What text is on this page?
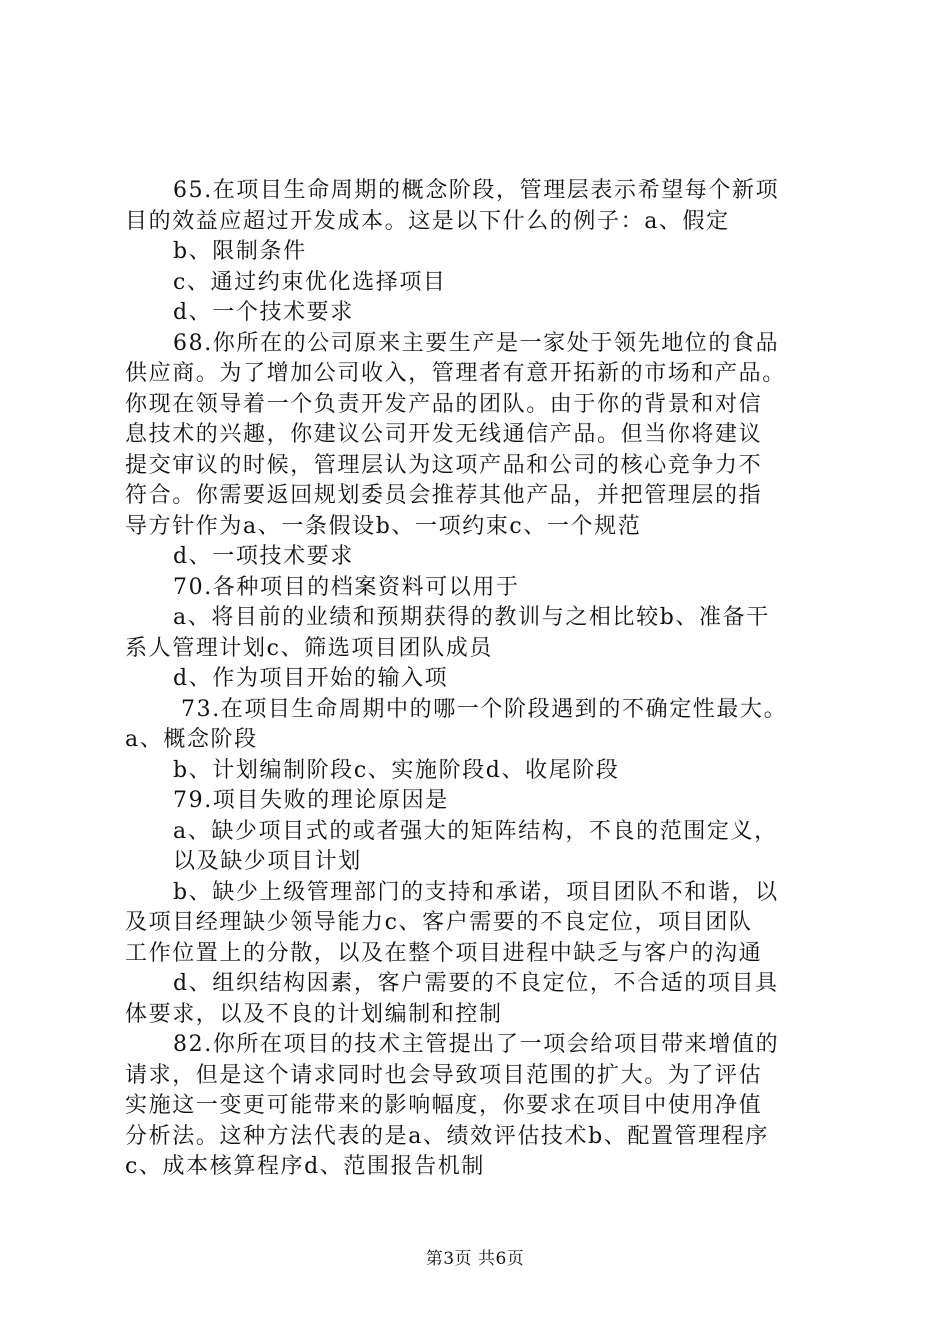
65.在项目生命周期的概念阶段，管理层表示希望每个新项
目的效益应超过开发成本。这是以下什么的例子：a、假定
b、限制条件
c、通过约束优化选择项目
d、一个技术要求
68.你所在的公司原来主要生产是一家处于领先地位的食品
供应商。为了增加公司收入，管理者有意开拓新的市场和产品。
你现在领导着一个负责开发产品的团队。由于你的背景和对信
息技术的兴趣，你建议公司开发无线通信产品。但当你将建议
提交审议的时候，管理层认为这项产品和公司的核心竞争力不
符合。你需要返回规划委员会推荐其他产品，并把管理层的指
导方针作为a、一条假设b、一项约束c、一个规范
d、一项技术要求
70.各种项目的档案资料可以用于
a、将目前的业绩和预期获得的教训与之相比较b、准备干
系人管理计划c、筛选项目团队成员
d、作为项目开始的输入项
73.在项目生命周期中的哪一个阶段遇到的不确定性最大。
a、概念阶段
b、计划编制阶段c、实施阶段d、收尾阶段
79.项目失败的理论原因是
a、缺少项目式的或者强大的矩阵结构，不良的范围定义，
以及缺少项目计划
b、缺少上级管理部门的支持和承诺，项目团队不和谐，以
及项目经理缺少领导能力c、客户需要的不良定位，项目团队
工作位置上的分散，以及在整个项目进程中缺乏与客户的沟通
d、组织结构因素，客户需要的不良定位，不合适的项目具
体要求，以及不良的计划编制和控制
82.你所在项目的技术主管提出了一项会给项目带来增值的
请求，但是这个请求同时也会导致项目范围的扩大。为了评估
实施这一变更可能带来的影响幅度，你要求在项目中使用净值
分析法。这种方法代表的是a、绩效评估技术b、配置管理程序
c、成本核算程序d、范围报告机制
第3页 共6页
